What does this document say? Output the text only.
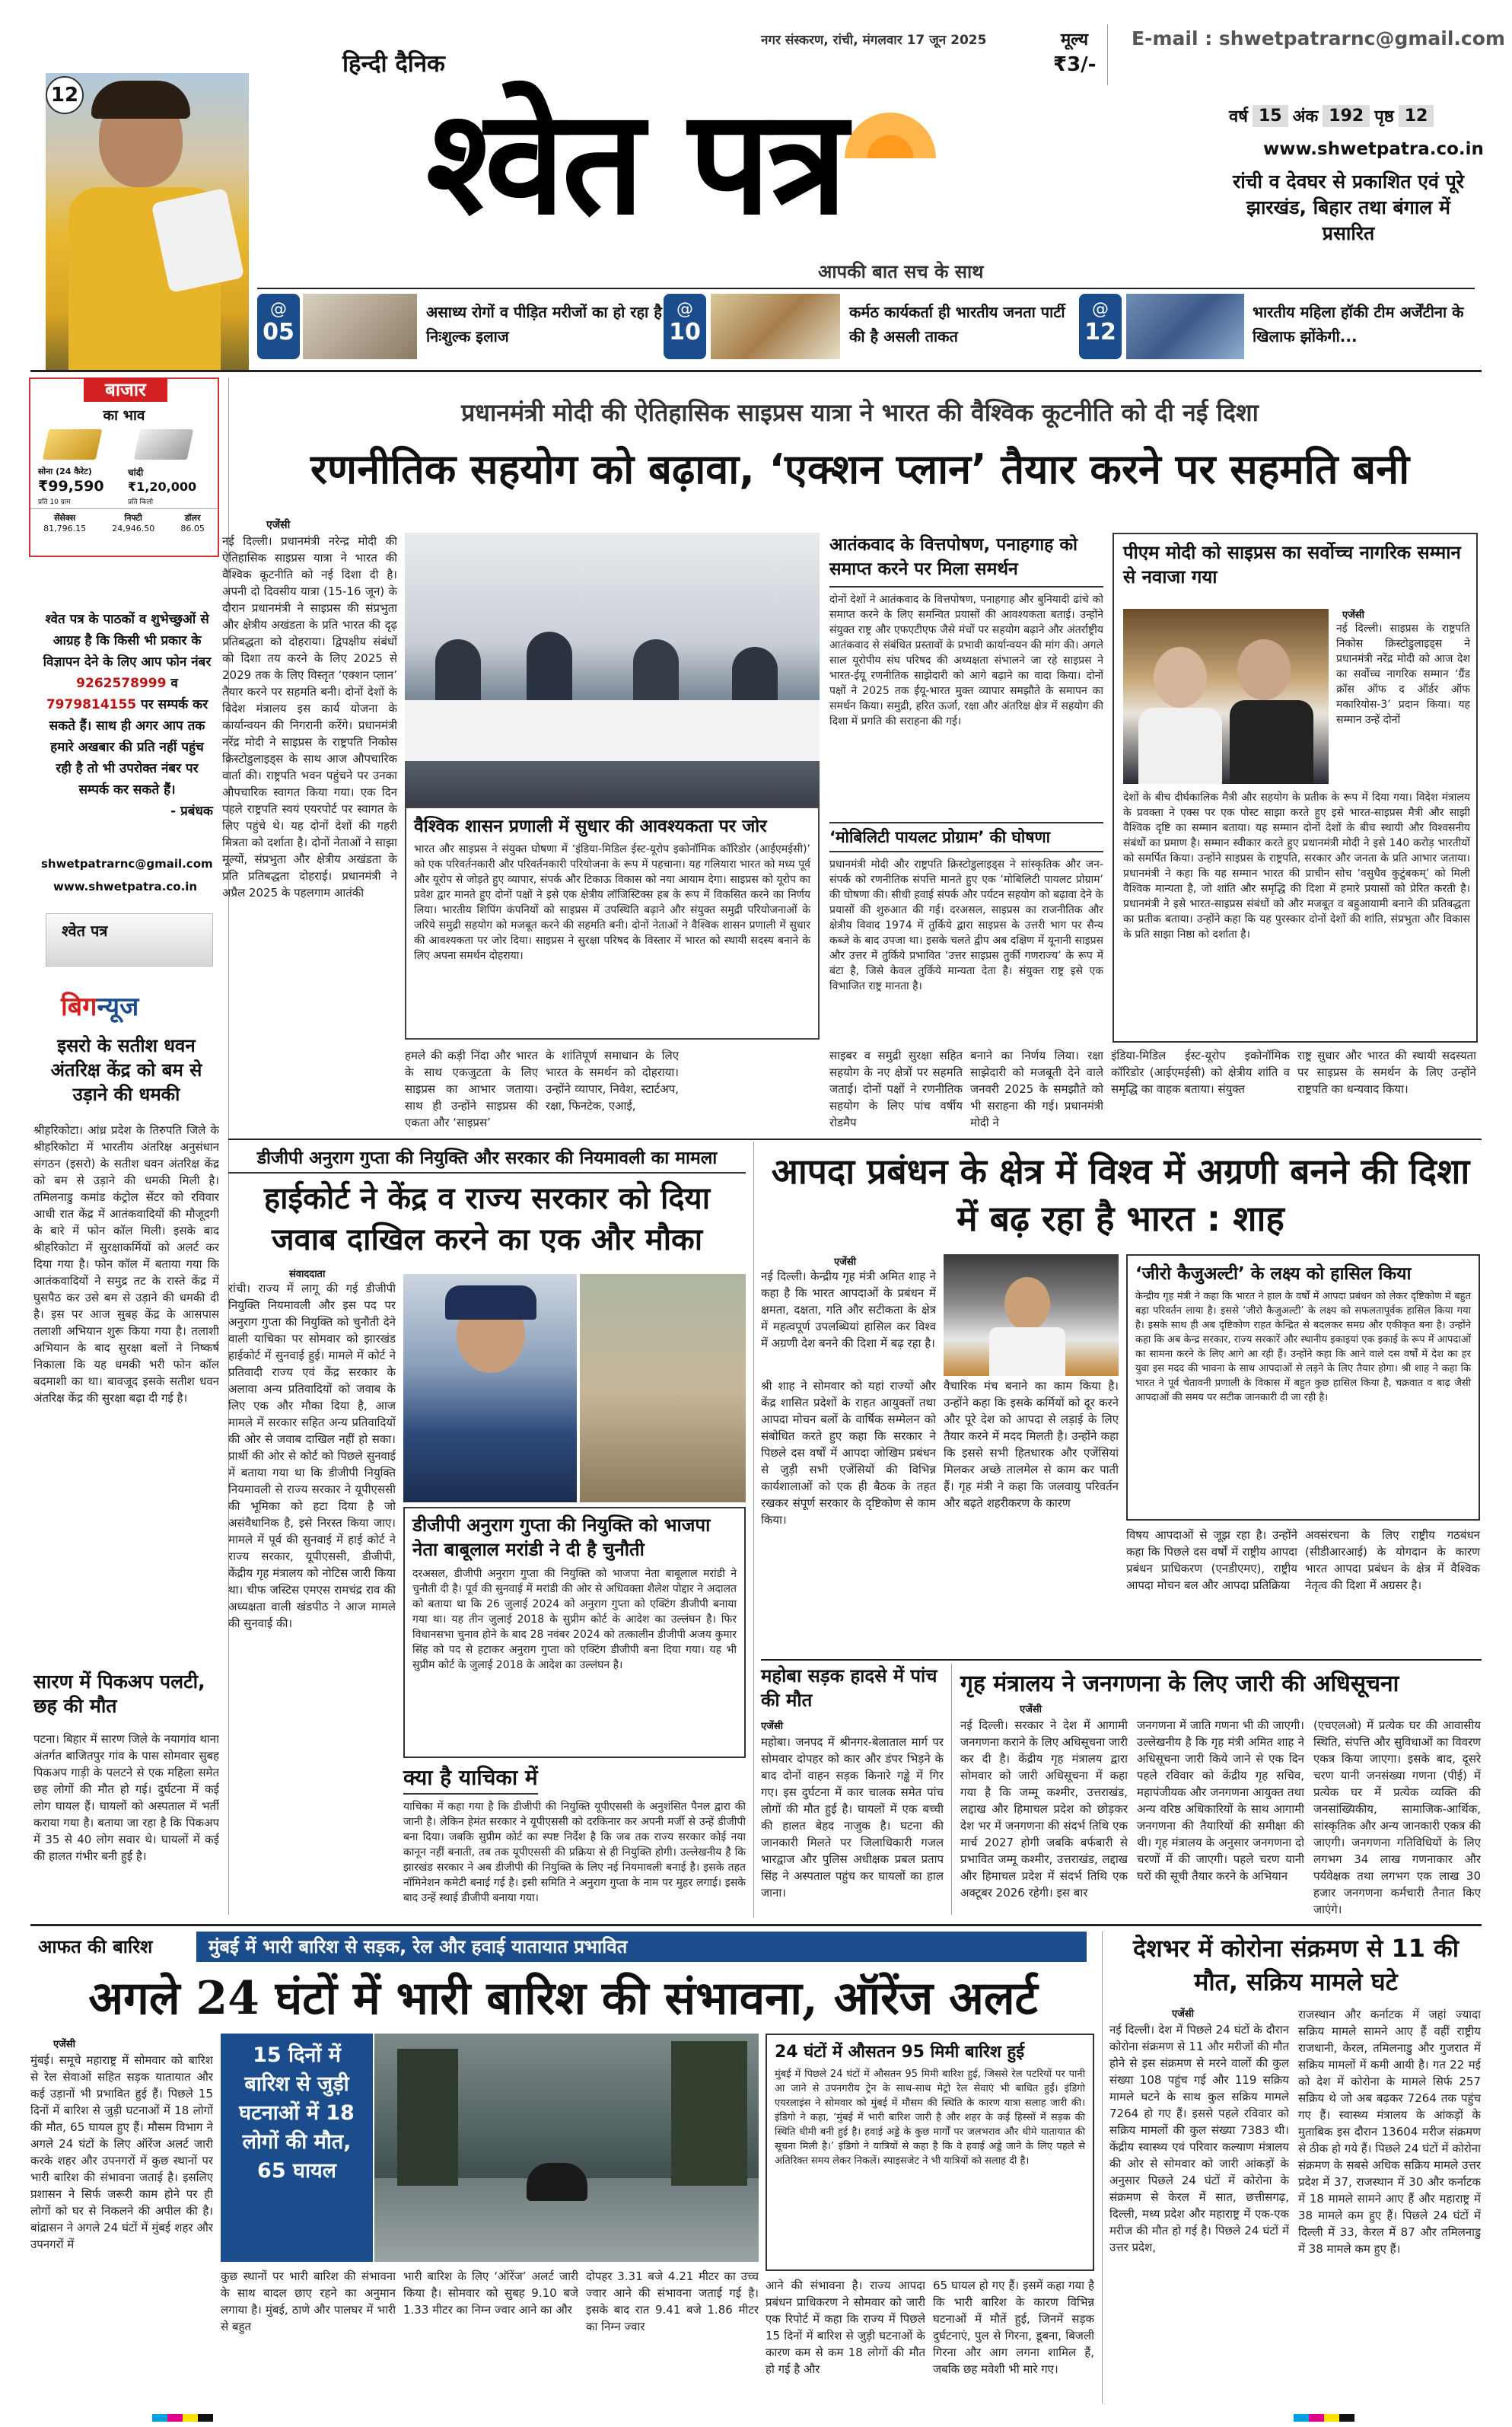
नगर संस्करण, रांची, मंगलवार 17 जून 2025	मूल्य
₹3/-
E-mail : shwetpatrarnc@gmail.com
12
हिन्दी दैनिक
श्वेत पत्र
आपकी बात सच के साथ
वर्ष 15 अंक 192 पृष्ठ 12
www.shwetpatra.co.in
रांची व देवघर से प्रकाशित एवं पूरे झारखंड, बिहार तथा बंगाल में प्रसारित
@
05
असाध्य रोगों व पीड़ित मरीजों का हो रहा है निःशुल्क इलाज
@
10
कर्मठ कार्यकर्ता ही भारतीय जनता पार्टी की है असली ताकत
@
12
भारतीय महिला हॉकी टीम अर्जेंटीना के खिलाफ झोंकेगी...
बाजार
का भाव
सोना (24 कैरेट)
₹99,590
प्रति 10 ग्राम
चांदी
₹1,20,000
प्रति किलो
सेंसेक्स
81,796.15
निफ्टी
24,946.50
डॉलर
86.05
श्वेत पत्र के पाठकों व शुभेच्छुओं से आग्रह है कि किसी भी प्रकार के विज्ञापन देने के लिए आप फोन नंबर 9262578999 व 7979814155 पर सम्पर्क कर सकते हैं। साथ ही अगर आप तक हमारे अखबार की प्रति नहीं पहुंच रही है तो भी उपरोक्त नंबर पर सम्पर्क कर सकते हैं।
- प्रबंधक
shwetpatrarnc@gmail.com
www.shwetpatra.co.in
श्वेत पत्र
बिगन्यूज
इसरो के सतीश धवन अंतरिक्ष केंद्र को बम से उड़ाने की धमकी
श्रीहरिकोटा। आंध्र प्रदेश के तिरुपति जिले के श्रीहरिकोटा में भारतीय अंतरिक्ष अनुसंधान संगठन (इसरो) के सतीश धवन अंतरिक्ष केंद्र को बम से उड़ाने की धमकी मिली है। तमिलनाडु कमांड कंट्रोल सेंटर को रविवार आधी रात केंद्र में आतंकवादियों की मौजूदगी के बारे में फोन कॉल मिली। इसके बाद श्रीहरिकोटा में सुरक्षाकर्मियों को अलर्ट कर दिया गया है। फोन कॉल में बताया गया कि आतंकवादियों ने समुद्र तट के रास्ते केंद्र में घुसपैठ कर उसे बम से उड़ाने की धमकी दी है। इस पर आज सुबह केंद्र के आसपास तलाशी अभियान शुरू किया गया है। तलाशी अभियान के बाद सुरक्षा बलों ने निष्कर्ष निकाला कि यह धमकी भरी फोन कॉल बदमाशी का था। बावजूद इसके सतीश धवन अंतरिक्ष केंद्र की सुरक्षा बढ़ा दी गई है।
सारण में पिकअप पलटी, छह की मौत
पटना। बिहार में सारण जिले के नयागांव थाना अंतर्गत बाजितपुर गांव के पास सोमवार सुबह पिकअप गाड़ी के पलटने से एक महिला समेत छह लोगों की मौत हो गई। दुर्घटना में कई लोग घायल हैं। घायलों को अस्पताल में भर्ती कराया गया है। बताया जा रहा है कि पिकअप में 35 से 40 लोग सवार थे। घायलों में कई की हालत गंभीर बनी हुई है।
प्रधानमंत्री मोदी की ऐतिहासिक साइप्रस यात्रा ने भारत की वैश्विक कूटनीति को दी नई दिशा
रणनीतिक सहयोग को बढ़ावा, ‘एक्शन प्लान’ तैयार करने पर सहमति बनी
एजेंसी
नई दिल्ली। प्रधानमंत्री नरेन्द्र मोदी की ऐतिहासिक साइप्रस यात्रा ने भारत की वैश्विक कूटनीति को नई दिशा दी है। अपनी दो दिवसीय यात्रा (15-16 जून) के दौरान प्रधानमंत्री ने साइप्रस की संप्रभुता और क्षेत्रीय अखंडता के प्रति भारत की दृढ़ प्रतिबद्धता को दोहराया। द्विपक्षीय संबंधों को दिशा तय करने के लिए 2025 से 2029 तक के लिए विस्तृत ‘एक्शन प्लान’ तैयार करने पर सहमति बनी। दोनों देशों के विदेश मंत्रालय इस कार्य योजना के कार्यान्वयन की निगरानी करेंगे। प्रधानमंत्री नरेंद्र मोदी ने साइप्रस के राष्ट्रपति निकोस क्रिस्टोडुलाइड्स के साथ आज औपचारिक वार्ता की। राष्ट्रपति भवन पहुंचने पर उनका औपचारिक स्वागत किया गया। एक दिन पहले राष्ट्रपति स्वयं एयरपोर्ट पर स्वागत के लिए पहुंचे थे। यह दोनों देशों की गहरी मित्रता को दर्शाता है। दोनों नेताओं ने साझा मूल्यों, संप्रभुता और क्षेत्रीय अखंडता के प्रति प्रतिबद्धता दोहराई। प्रधानमंत्री ने अप्रैल 2025 के पहलगाम आतंकी
वैश्विक शासन प्रणाली में सुधार की आवश्यकता पर जोर
भारत और साइप्रस ने संयुक्त घोषणा में ‘इंडिया-मिडिल ईस्ट-यूरोप इकोनॉमिक कॉरिडोर (आईएमईसी)’ को एक परिवर्तनकारी और परिवर्तनकारी परियोजना के रूप में पहचाना। यह गलियारा भारत को मध्य पूर्व और यूरोप से जोड़ते हुए व्यापार, संपर्क और टिकाऊ विकास को नया आयाम देगा। साइप्रस को यूरोप का प्रवेश द्वार मानते हुए दोनों पक्षों ने इसे एक क्षेत्रीय लॉजिस्टिक्स हब के रूप में विकसित करने का निर्णय लिया। भारतीय शिपिंग कंपनियों को साइप्रस में उपस्थिति बढ़ाने और संयुक्त समुद्री परियोजनाओं के जरिये समुद्री सहयोग को मजबूत करने की सहमति बनी। दोनों नेताओं ने वैश्विक शासन प्रणाली में सुधार की आवश्यकता पर जोर दिया। साइप्रस ने सुरक्षा परिषद के विस्तार में भारत को स्थायी सदस्य बनाने के लिए अपना समर्थन दोहराया।
हमले की कड़ी निंदा और भारत के साथ एकजुटता के लिए साइप्रस का आभार जताया। साथ ही उन्होंने साइप्रस की एकता और ‘साइप्रस’
के शांतिपूर्ण समाधान के लिए भारत के समर्थन को दोहराया। उन्होंने व्यापार, निवेश, स्टार्टअप, रक्षा, फिनटेक, एआई,
साइबर व समुद्री सुरक्षा सहित सहयोग के नए क्षेत्रों पर सहमति जताई। दोनों पक्षों ने रणनीतिक सहयोग के लिए पांच वर्षीय रोडमैप
बनाने का निर्णय लिया। रक्षा साझेदारी को मजबूती देने वाले जनवरी 2025 के समझौते को भी सराहना की गई। प्रधानमंत्री मोदी ने
इंडिया-मिडिल ईस्ट-यूरोप इकोनॉमिक कॉरिडोर (आईएमईसी) को क्षेत्रीय शांति व समृद्धि का वाहक बताया। संयुक्त
राष्ट्र सुधार और भारत की स्थायी सदस्यता पर साइप्रस के समर्थन के लिए उन्होंने राष्ट्रपति का धन्यवाद किया।
आतंकवाद के वित्तपोषण, पनाहगाह को समाप्त करने पर मिला समर्थन
दोनों देशों ने आतंकवाद के वित्तपोषण, पनाहगाह और बुनियादी ढांचे को समाप्त करने के लिए समन्वित प्रयासों की आवश्यकता बताई। उन्होंने संयुक्त राष्ट्र और एफएटीएफ जैसे मंचों पर सहयोग बढ़ाने और अंतर्राष्ट्रीय आतंकवाद से संबंधित प्रस्तावों के प्रभावी कार्यान्वयन की मांग की। अगले साल यूरोपीय संघ परिषद की अध्यक्षता संभालने जा रहे साइप्रस ने भारत-ईयू रणनीतिक साझेदारी को आगे बढ़ाने का वादा किया। दोनों पक्षों ने 2025 तक ईयू-भारत मुक्त व्यापार समझौते के समापन का समर्थन किया। समुद्री, हरित ऊर्जा, रक्षा और अंतरिक्ष क्षेत्र में सहयोग की दिशा में प्रगति की सराहना की गई।
‘मोबिलिटी पायलट प्रोग्राम’ की घोषणा
प्रधानमंत्री मोदी और राष्ट्रपति क्रिस्टोडुलाइड्स ने सांस्कृतिक और जन-संपर्क को रणनीतिक संपत्ति मानते हुए एक ‘मोबिलिटी पायलट प्रोग्राम’ की घोषणा की। सीधी हवाई संपर्क और पर्यटन सहयोग को बढ़ावा देने के प्रयासों की शुरुआत की गई। दरअसल, साइप्रस का राजनीतिक और क्षेत्रीय विवाद 1974 में तुर्किये द्वारा साइप्रस के उत्तरी भाग पर सैन्य कब्जे के बाद उपजा था। इसके चलते द्वीप अब दक्षिण में यूनानी साइप्रस और उत्तर में तुर्किये प्रभावित ‘उत्तर साइप्रस तुर्की गणराज्य’ के रूप में बंटा है, जिसे केवल तुर्किये मान्यता देता है। संयुक्त राष्ट्र इसे एक विभाजित राष्ट्र मानता है।
पीएम मोदी को साइप्रस का सर्वोच्च नागरिक सम्मान से नवाजा गया
एजेंसी
नई दिल्ली। साइप्रस के राष्ट्रपति निकोस क्रिस्टोडुलाइड्स ने प्रधानमंत्री नरेंद्र मोदी को आज देश का सर्वोच्च नागरिक सम्मान ‘ग्रैंड क्रॉस ऑफ द ऑर्डर ऑफ मकारियोस-3’ प्रदान किया। यह सम्मान उन्हें दोनों
देशों के बीच दीर्घकालिक मैत्री और सहयोग के प्रतीक के रूप में दिया गया। विदेश मंत्रालय के प्रवक्ता ने एक्स पर एक पोस्ट साझा करते हुए इसे भारत-साइप्रस मैत्री और साझी वैश्विक दृष्टि का सम्मान बताया। यह सम्मान दोनों देशों के बीच स्थायी और विश्वसनीय संबंधों का प्रमाण है। सम्मान स्वीकार करते हुए प्रधानमंत्री मोदी ने इसे 140 करोड़ भारतीयों को समर्पित किया। उन्होंने साइप्रस के राष्ट्रपति, सरकार और जनता के प्रति आभार जताया। प्रधानमंत्री ने कहा कि यह सम्मान भारत की प्राचीन सोच ‘वसुधैव कुटुंबकम्’ को मिली वैश्विक मान्यता है, जो शांति और समृद्धि की दिशा में हमारे प्रयासों को प्रेरित करती है। प्रधानमंत्री ने इसे भारत-साइप्रस संबंधों को और मजबूत व बहुआयामी बनाने की प्रतिबद्धता का प्रतीक बताया। उन्होंने कहा कि यह पुरस्कार दोनों देशों की शांति, संप्रभुता और विकास के प्रति साझा निष्ठा को दर्शाता है।
डीजीपी अनुराग गुप्ता की नियुक्ति और सरकार की नियमावली का मामला
हाईकोर्ट ने केंद्र व राज्य सरकार को दिया जवाब दाखिल करने का एक और मौका
संवाददाता
रांची। राज्य में लागू की गई डीजीपी नियुक्ति नियमावली और इस पद पर अनुराग गुप्ता की नियुक्ति को चुनौती देने वाली याचिका पर सोमवार को झारखंड हाईकोर्ट में सुनवाई हुई। मामले में कोर्ट ने प्रतिवादी राज्य एवं केंद्र सरकार के अलावा अन्य प्रतिवादियों को जवाब के लिए एक और मौका दिया है, आज मामले में सरकार सहित अन्य प्रतिवादियों की ओर से जवाब दाखिल नहीं हो सका। प्रार्थी की ओर से कोर्ट को पिछले सुनवाई में बताया गया था कि डीजीपी नियुक्ति नियमावली से राज्य सरकार ने यूपीएससी की भूमिका को हटा दिया है जो असंवैधानिक है, इसे निरस्त किया जाए। मामले में पूर्व की सुनवाई में हाई कोर्ट ने राज्य सरकार, यूपीएससी, डीजीपी, केंद्रीय गृह मंत्रालय को नोटिस जारी किया था। चीफ जस्टिस एमएस रामचंद्र राव की अध्यक्षता वाली खंडपीठ ने आज मामले की सुनवाई की।
डीजीपी अनुराग गुप्ता की नियुक्ति को भाजपा नेता बाबूलाल मरांडी ने दी है चुनौती
दरअसल, डीजीपी अनुराग गुप्ता की नियुक्ति को भाजपा नेता बाबूलाल मरांडी ने चुनौती दी है। पूर्व की सुनवाई में मरांडी की ओर से अधिवक्ता शैलेश पोद्दार ने अदालत को बताया था कि 26 जुलाई 2024 को अनुराग गुप्ता को एक्टिंग डीजीपी बनाया गया था। यह तीन जुलाई 2018 के सुप्रीम कोर्ट के आदेश का उल्लंघन है। फिर विधानसभा चुनाव होने के बाद 28 नवंबर 2024 को तत्कालीन डीजीपी अजय कुमार सिंह को पद से हटाकर अनुराग गुप्ता को एक्टिंग डीजीपी बना दिया गया। यह भी सुप्रीम कोर्ट के जुलाई 2018 के आदेश का उल्लंघन है।
क्या है याचिका में
याचिका में कहा गया है कि डीजीपी की नियुक्ति यूपीएससी के अनुशंसित पैनल द्वारा की जानी है। लेकिन हेमंत सरकार ने यूपीएससी को दरकिनार कर अपनी मर्जी से उन्हें डीजीपी बना दिया। जबकि सुप्रीम कोर्ट का स्पष्ट निर्देश है कि जब तक राज्य सरकार कोई नया कानून नहीं बनाती, तब तक यूपीएससी की प्रक्रिया से ही नियुक्ति होगी। उल्लेखनीय है कि झारखंड सरकार ने अब डीजीपी की नियुक्ति के लिए नई नियमावली बनाई है। इसके तहत नॉमिनेशन कमेटी बनाई गई है। इसी समिति ने अनुराग गुप्ता के नाम पर मुहर लगाई। इसके बाद उन्हें स्थाई डीजीपी बनाया गया।
आपदा प्रबंधन के क्षेत्र में विश्व में अग्रणी बनने की दिशा में बढ़ रहा है भारत : शाह
एजेंसी
नई दिल्ली। केन्द्रीय गृह मंत्री अमित शाह ने कहा है कि भारत आपदाओं के प्रबंधन में क्षमता, दक्षता, गति और सटीकता के क्षेत्र में महत्वपूर्ण उपलब्धियां हासिल कर विश्व में अग्रणी देश बनने की दिशा में बढ़ रहा है।
श्री शाह ने सोमवार को यहां राज्यों और केंद्र शासित प्रदेशों के राहत आयुक्तों तथा आपदा मोचन बलों के वार्षिक सम्मेलन को संबोधित करते हुए कहा कि सरकार ने पिछले दस वर्षों में आपदा जोखिम प्रबंधन से जुड़ी सभी एजेंसियों की विभिन्न कार्यशालाओं को एक ही बैठक के तहत रखकर संपूर्ण सरकार के दृष्टिकोण से काम किया।
वैचारिक मंच बनाने का काम किया है। उन्होंने कहा कि इसके कर्मियों को दूर करने और पूरे देश को आपदा से लड़ाई के लिए तैयार करने में मदद मिलती है। उन्होंने कहा कि इससे सभी हितधारक और एजेंसियां मिलकर अच्छे तालमेल से काम कर पाती हैं। गृह मंत्री ने कहा कि जलवायु परिवर्तन और बढ़ते शहरीकरण के कारण
‘जीरो कैजुअल्टी’ के लक्ष्य को हासिल किया
केन्द्रीय गृह मंत्री ने कहा कि भारत ने हाल के वर्षों में आपदा प्रबंधन को लेकर दृष्टिकोण में बहुत बड़ा परिवर्तन लाया है। इससे ‘जीरो कैजुअल्टी’ के लक्ष्य को सफलतापूर्वक हासिल किया गया है। इसके साथ ही अब दृष्टिकोण राहत केन्द्रित से बदलकर समग्र और एकीकृत बना है। उन्होंने कहा कि अब केन्द्र सरकार, राज्य सरकारें और स्थानीय इकाइयां एक इकाई के रूप में आपदाओं का सामना करने के लिए आगे आ रही हैं। उन्होंने कहा कि आने वाले दस वर्षों में देश का हर युवा इस मदद की भावना के साथ आपदाओं से लड़ने के लिए तैयार होगा। श्री शाह ने कहा कि भारत ने पूर्व चेतावनी प्रणाली के विकास में बहुत कुछ हासिल किया है, चक्रवात व बाढ़ जैसी आपदाओं की समय पर सटीक जानकारी दी जा रही है।
विषय आपदाओं से जूझ रहा है। उन्होंने कहा कि पिछले दस वर्षों में राष्ट्रीय आपदा प्रबंधन प्राधिकरण (एनडीएमए), राष्ट्रीय आपदा मोचन बल और आपदा प्रतिक्रिया
अवसंरचना के लिए राष्ट्रीय गठबंधन (सीडीआरआई) के योगदान के कारण भारत आपदा प्रबंधन के क्षेत्र में वैश्विक नेतृत्व की दिशा में अग्रसर है।
महोबा सड़क हादसे में पांच की मौत
एजेंसी
महोबा। जनपद में श्रीनगर-बेलाताल मार्ग पर सोमवार दोपहर को कार और डंपर भिड़ने के बाद दोनों वाहन सड़क किनारे गड्ढे में गिर गए। इस दुर्घटना में कार चालक समेत पांच लोगों की मौत हुई है। घायलों में एक बच्ची की हालत बेहद नाजुक है। घटना की जानकारी मिलते पर जिलाधिकारी गजल भारद्वाज और पुलिस अधीक्षक प्रबल प्रताप सिंह ने अस्पताल पहुंच कर घायलों का हाल जाना।
गृह मंत्रालय ने जनगणना के लिए जारी की अधिसूचना
एजेंसी
नई दिल्ली। सरकार ने देश में आगामी जनगणना कराने के लिए अधिसूचना जारी कर दी है। केंद्रीय गृह मंत्रालय द्वारा सोमवार को जारी अधिसूचना में कहा गया है कि जम्मू कश्मीर, उत्तराखंड, लद्दाख और हिमाचल प्रदेश को छोड़कर देश भर में जनगणना की संदर्भ तिथि एक मार्च 2027 होगी जबकि बर्फबारी से प्रभावित जम्मू कश्मीर, उत्तराखंड, लद्दाख और हिमाचल प्रदेश में संदर्भ तिथि एक अक्टूबर 2026 रहेगी। इस बार
जनगणना में जाति गणना भी की जाएगी। उल्लेखनीय है कि गृह मंत्री अमित शाह ने अधिसूचना जारी किये जाने से एक दिन पहले रविवार को केंद्रीय गृह सचिव, महापंजीयक और जनगणना आयुक्त तथा अन्य वरिष्ठ अधिकारियों के साथ आगामी जनगणना की तैयारियों की समीक्षा की थी। गृह मंत्रालय के अनुसार जनगणना दो चरणों में की जाएगी। पहले चरण यानी घरों की सूची तैयार करने के अभियान
(एचएलओ) में प्रत्येक घर की आवासीय स्थिति, संपत्ति और सुविधाओं का विवरण एकत्र किया जाएगा। इसके बाद, दूसरे चरण यानी जनसंख्या गणना (पीई) में प्रत्येक घर में प्रत्येक व्यक्ति की जनसांख्यिकीय, सामाजिक-आर्थिक, सांस्कृतिक और अन्य जानकारी एकत्र की जाएगी। जनगणना गतिविधियों के लिए लगभग 34 लाख गणनाकार और पर्यवेक्षक तथा लगभग एक लाख 30 हजार जनगणना कर्मचारी तैनात किए जाएंगे।
आफत की बारिश	मुंबई में भारी बारिश से सड़क, रेल और हवाई यातायात प्रभावित
अगले 24 घंटों में भारी बारिश की संभावना, ऑरेंज अलर्ट
एजेंसी
मुंबई। समूचे महाराष्ट्र में सोमवार को बारिश से रेल सेवाओं सहित सड़क यातायात और कई उड़ानों भी प्रभावित हुई हैं। पिछले 15 दिनों में बारिश से जुड़ी घटनाओं में 18 लोगों की मौत, 65 घायल हुए हैं। मौसम विभाग ने अगले 24 घंटों के लिए ऑरेंज अलर्ट जारी करके शहर और उपनगरों में कुछ स्थानों पर भारी बारिश की संभावना जताई है। इसलिए प्रशासन ने सिर्फ जरूरी काम होने पर ही लोगों को घर से निकलने की अपील की है। बांद्रासन ने अगले 24 घंटों में मुंबई शहर और उपनगरों में
15 दिनों में बारिश से जुड़ी घटनाओं में 18 लोगों की मौत, 65 घायल
कुछ स्थानों पर भारी बारिश की संभावना के साथ बादल छाए रहने का अनुमान लगाया है। मुंबई, ठाणे और पालघर में भारी से बहुत
भारी बारिश के लिए ‘ऑरेंज’ अलर्ट जारी किया है। सोमवार को सुबह 9.10 बजे 1.33 मीटर का निम्न ज्वार आने का और
दोपहर 3.31 बजे 4.21 मीटर का उच्च ज्वार आने की संभावना जताई गई है। इसके बाद रात 9.41 बजे 1.86 मीटर का निम्न ज्वार
24 घंटों में औसतन 95 मिमी बारिश हुई
मुंबई में पिछले 24 घंटों में औसतन 95 मिमी बारिश हुई, जिससे रेल पटरियों पर पानी आ जाने से उपनगरीय ट्रेन के साथ-साथ मेट्रो रेल सेवाएं भी बाधित हुईं। इंडिगो एयरलाइंस ने सोमवार को मुंबई में मौसम की स्थिति के कारण यात्रा सलाह जारी की। इंडिगो ने कहा, ‘मुंबई में भारी बारिश जारी है और शहर के कई हिस्सों में सड़क की स्थिति धीमी बनी हुई है। हवाई अड्डे के कुछ मार्गों पर जलभराव और धीमे यातायात की सूचना मिली है।’ इंडिगो ने यात्रियों से कहा है कि वे हवाई अड्डे जाने के लिए पहले से अतिरिक्त समय लेकर निकलें। स्पाइसजेट ने भी यात्रियों को सलाह दी है।
आने की संभावना है। राज्य आपदा प्रबंधन प्राधिकरण ने सोमवार को जारी एक रिपोर्ट में कहा कि राज्य में पिछले 15 दिनों में बारिश से जुड़ी घटनाओं के कारण कम से कम 18 लोगों की मौत हो गई है और
65 घायल हो गए हैं। इसमें कहा गया है कि भारी बारिश के कारण विभिन्न घटनाओं में मौतें हुई, जिनमें सड़क दुर्घटनाएं, पुल से गिरना, डूबना, बिजली गिरना और आग लगना शामिल हैं, जबकि छह मवेशी भी मारे गए।
देशभर में कोरोना संक्रमण से 11 की मौत, सक्रिय मामले घटे
एजेंसी
नई दिल्ली। देश में पिछले 24 घंटों के दौरान कोरोना संक्रमण से 11 और मरीजों की मौत होने से इस संक्रमण से मरने वालों की कुल संख्या 108 पहुंच गई और 119 सक्रिय मामले घटने के साथ कुल सक्रिय मामले 7264 हो गए हैं। इससे पहले रविवार को सक्रिय मामलों की कुल संख्या 7383 थी। केंद्रीय स्वास्थ्य एवं परिवार कल्याण मंत्रालय की ओर से सोमवार को जारी आंकड़ों के अनुसार पिछले 24 घंटों में कोरोना के संक्रमण से केरल में सात, छत्तीसगढ़, दिल्ली, मध्य प्रदेश और महाराष्ट्र में एक-एक मरीज की मौत हो गई है। पिछले 24 घंटों में उत्तर प्रदेश,
राजस्थान और कर्नाटक में जहां ज्यादा सक्रिय मामले सामने आए हैं वहीं राष्ट्रीय राजधानी, केरल, तमिलनाडु और गुजरात में सक्रिय मामलों में कमी आयी है। गत 22 मई को देश में कोरोना के मामले सिर्फ 257 सक्रिय थे जो अब बढ़कर 7264 तक पहुंच गए हैं। स्वास्थ्य मंत्रालय के आंकड़ों के मुताबिक इस दौरान 13604 मरीज संक्रमण से ठीक हो गये हैं। पिछले 24 घंटों में कोरोना संक्रमण के सबसे अधिक सक्रिय मामले उत्तर प्रदेश में 37, राजस्थान में 30 और कर्नाटक में 18 मामले सामने आए हैं और महाराष्ट्र में 38 मामले कम हुए हैं। पिछले 24 घंटों में दिल्ली में 33, केरल में 87 और तमिलनाडु में 38 मामले कम हुए हैं।
